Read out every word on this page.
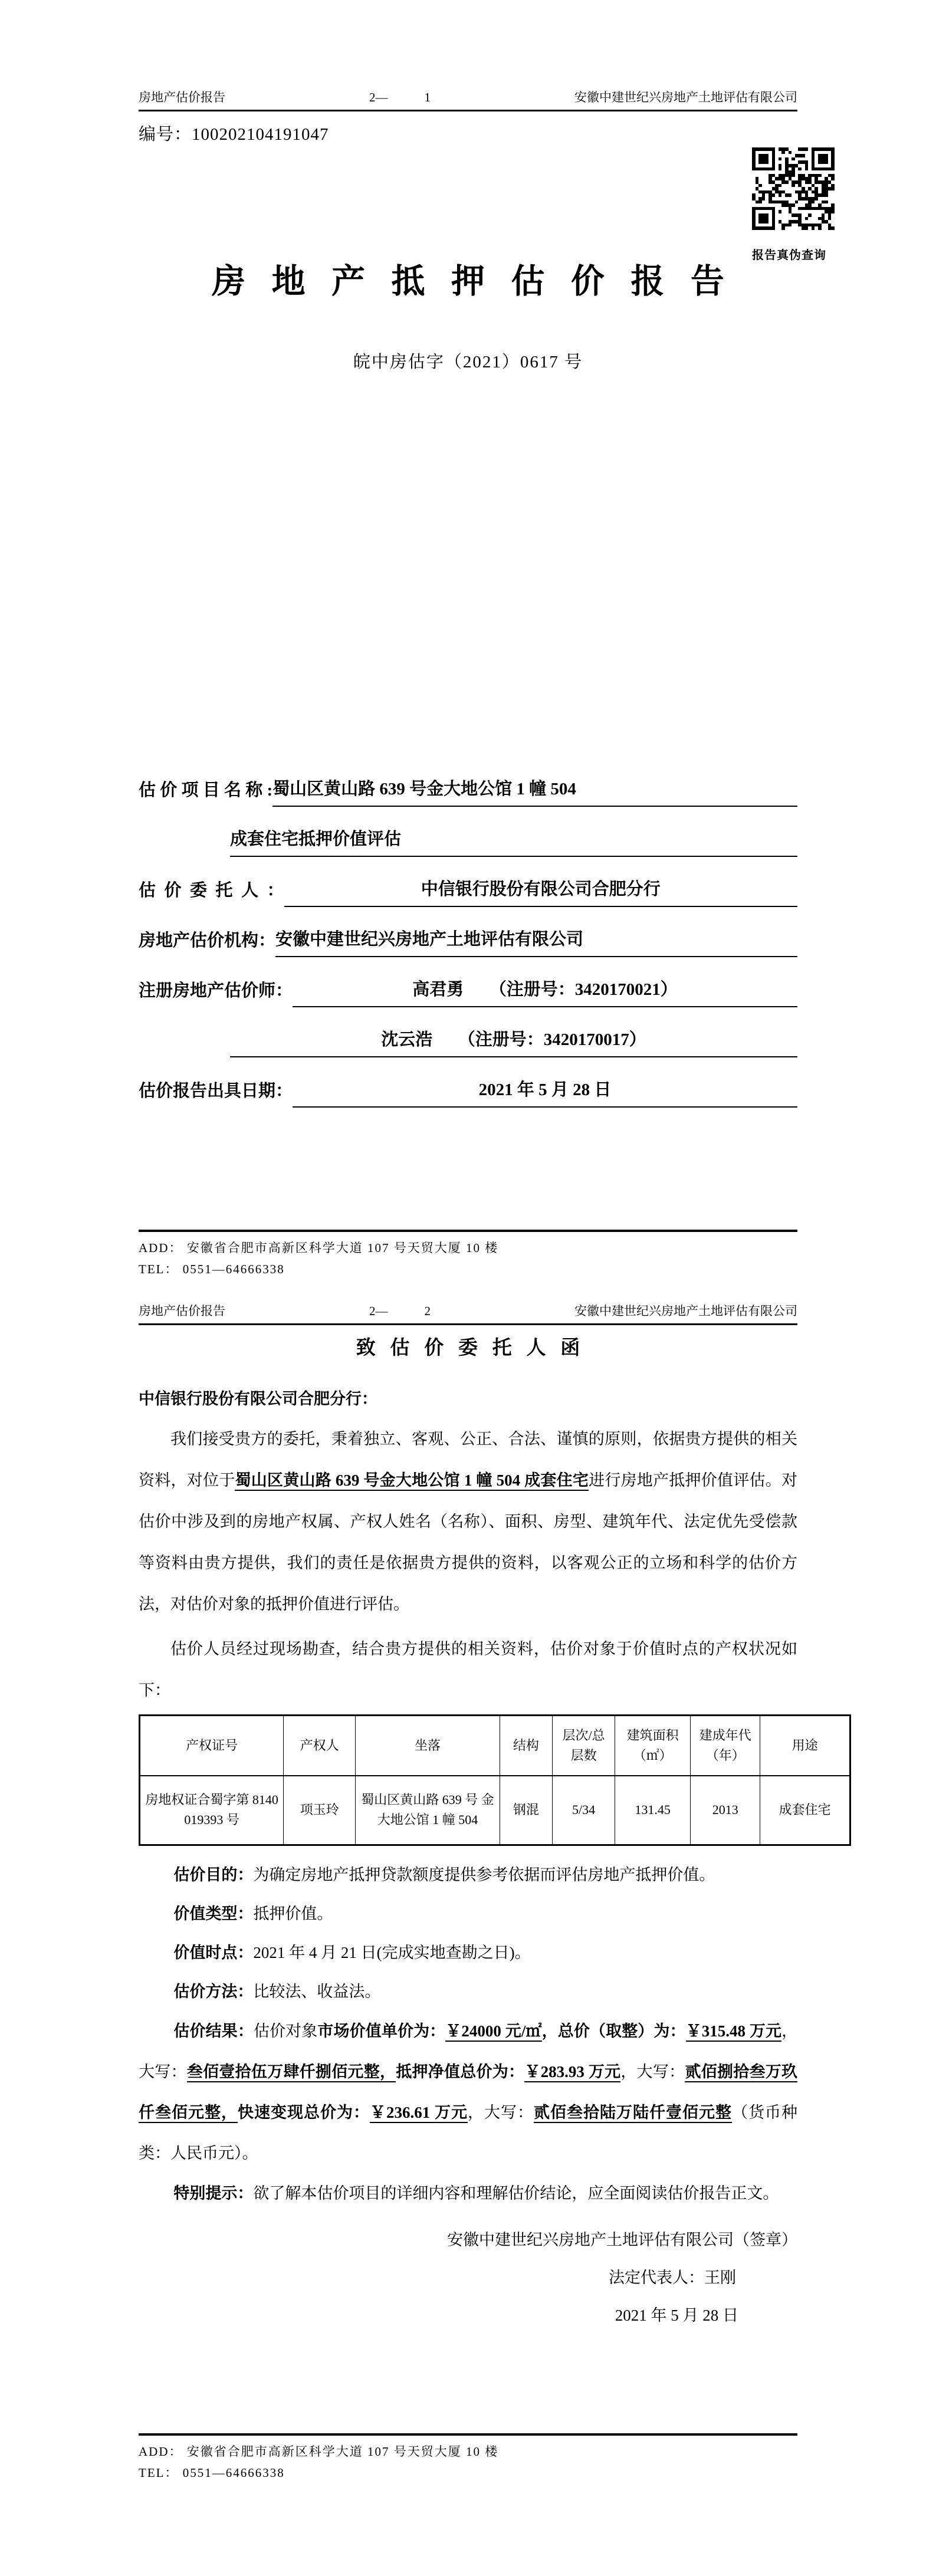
房地产估价报告	2—	1	安徽中建世纪兴房地产土地评估有限公司
编号：100202104191047
报告真伪查询
房地产抵押估价报告
皖中房估字（2021）0617 号
估 价 项 目 名 称 : 蜀山区黄山路 639 号金大地公馆 1 幢 504
成套住宅抵押价值评估
估  价  委  托  人  ：	中信银行股份有限公司合肥分行
房地产估价机构： 安徽中建世纪兴房地产土地评估有限公司
注册房地产估价师：	高君勇　　（注册号：3420170021）
沈云浩　　（注册号：3420170017）
估价报告出具日期：	2021 年 5 月 28 日
ADD： 安徽省合肥市高新区科学大道 107 号天贸大厦 10 楼
TEL： 0551—64666338
房地产估价报告	2—	2	安徽中建世纪兴房地产土地评估有限公司
致估价委托人函
中信银行股份有限公司合肥分行：

我们接受贵方的委托，秉着独立、客观、公正、合法、谨慎的原则，依据贵方提供的相关资料，对位于蜀山区黄山路 639 号金大地公馆 1 幢 504 成套住宅进行房地产抵押价值评估。对估价中涉及到的房地产权属、产权人姓名（名称）、面积、房型、建筑年代、法定优先受偿款等资料由贵方提供，我们的责任是依据贵方提供的资料，以客观公正的立场和科学的估价方法，对估价对象的抵押价值进行评估。

估价人员经过现场勘查，结合贵方提供的相关资料，估价对象于价值时点的产权状况如下：

产权证号	产权人	坐落	结构	层次/总层数	建筑面积（㎡）	建成年代（年）	用途
房地权证合蜀字第 8140019393 号	项玉玲	蜀山区黄山路 639 号 金大地公馆 1 幢 504	钢混	5/34	131.45	2013	成套住宅

估价目的：为确定房地产抵押贷款额度提供参考依据而评估房地产抵押价值。

价值类型：抵押价值。

价值时点：2021 年 4 月 21 日(完成实地查勘之日)。

估价方法：比较法、收益法。

估价结果：估价对象市场价值单价为：￥24000 元/㎡，总价（取整）为：￥315.48 万元，大写：叁佰壹拾伍万肆仟捌佰元整，抵押净值总价为：￥283.93 万元，大写：贰佰捌拾叁万玖仟叁佰元整，快速变现总价为：￥236.61 万元，大写：贰佰叁拾陆万陆仟壹佰元整（货币种类：人民币元）。

特别提示：欲了解本估价项目的详细内容和理解估价结论，应全面阅读估价报告正文。

安徽中建世纪兴房地产土地评估有限公司（签章）
法定代表人：王刚
2021 年 5 月 28 日
ADD： 安徽省合肥市高新区科学大道 107 号天贸大厦 10 楼
TEL： 0551—64666338
